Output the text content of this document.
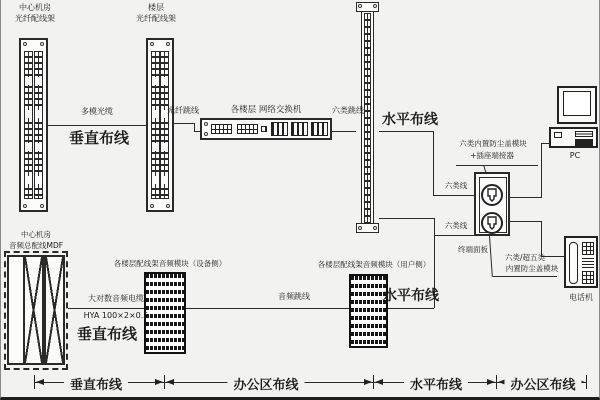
中心机房
光纤配线架
楼层
光纤配线架
各楼层 网络交换机
多模光缆	光纤跳线	六类跳线
垂直布线
水平布线
六类内置防尘盖模块
+插座端接器
六类线
六类线
终端面板
六类/超五类
内置防尘盖模块
PC
电话机
中心机房
音频总配线MDF
各楼层配线架音频模块（设备侧）	各楼层配线架音频模块（用户侧）
大对数音频电缆
HYA 100×2×0.5
垂直布线
音频跳线	水平布线
垂直布线	办公区布线	水平布线	办公区布线
